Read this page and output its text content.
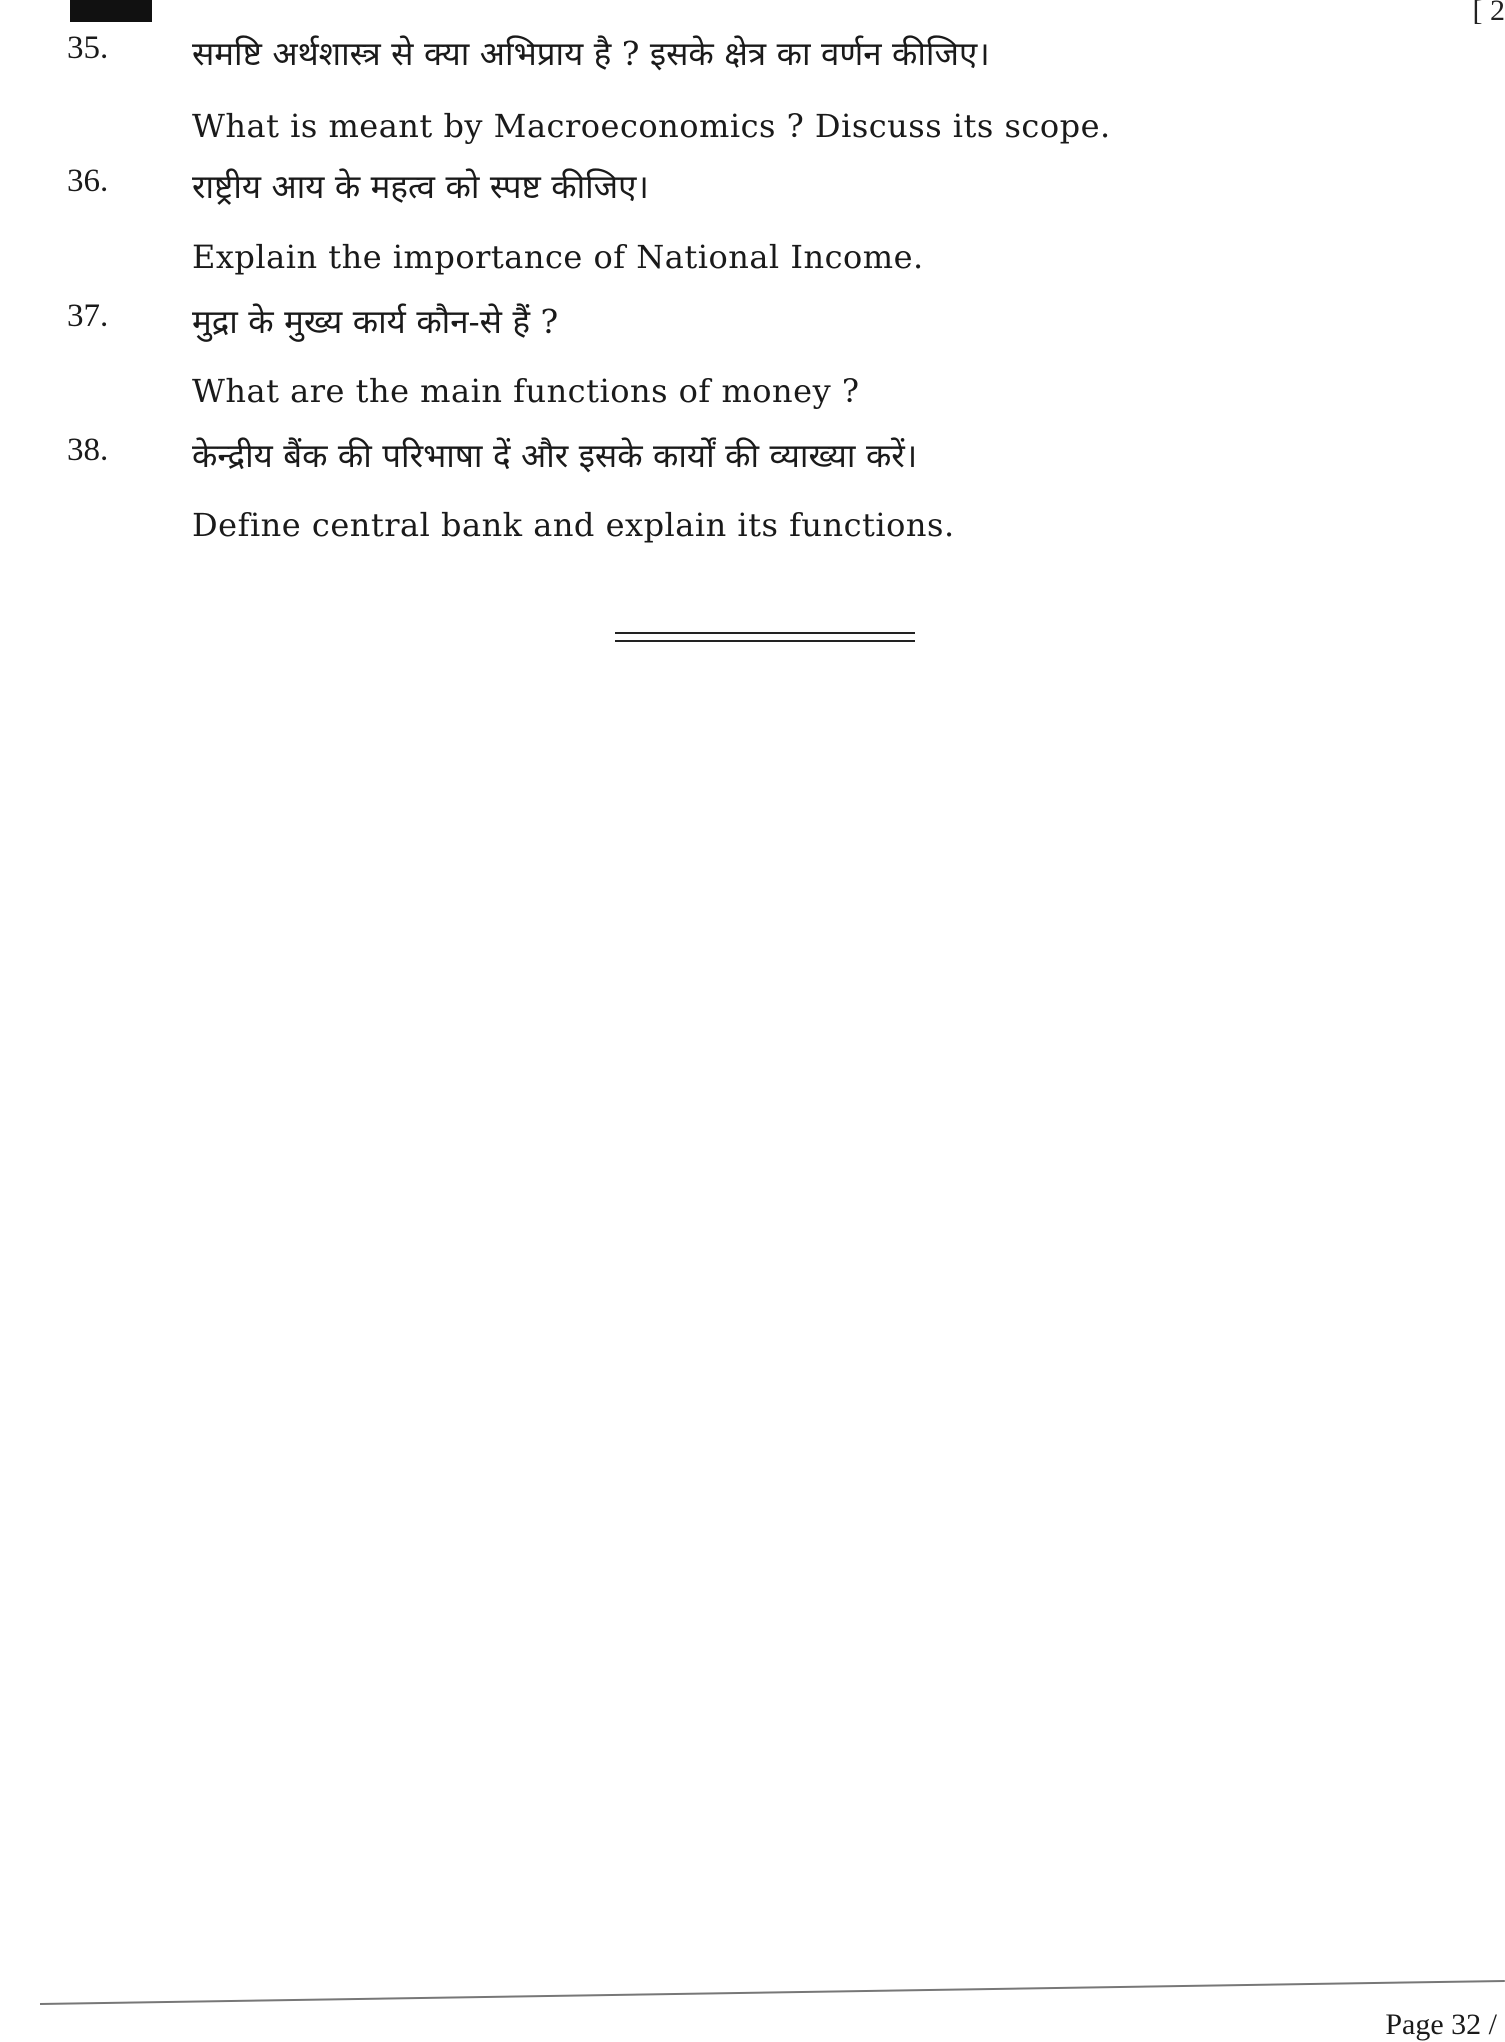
[ 2
35.	समष्टि अर्थशास्त्र से क्या अभिप्राय है ? इसके क्षेत्र का वर्णन कीजिए।
What is meant by Macroeconomics ? Discuss its scope.
36.	राष्ट्रीय आय के महत्व को स्पष्ट कीजिए।
Explain the importance of National Income.
37.	मुद्रा के मुख्य कार्य कौन-से हैं ?
What are the main functions of money ?
38.	केन्द्रीय बैंक की परिभाषा दें और इसके कार्यों की व्याख्या करें।
Define central bank and explain its functions.
Page 32 /
